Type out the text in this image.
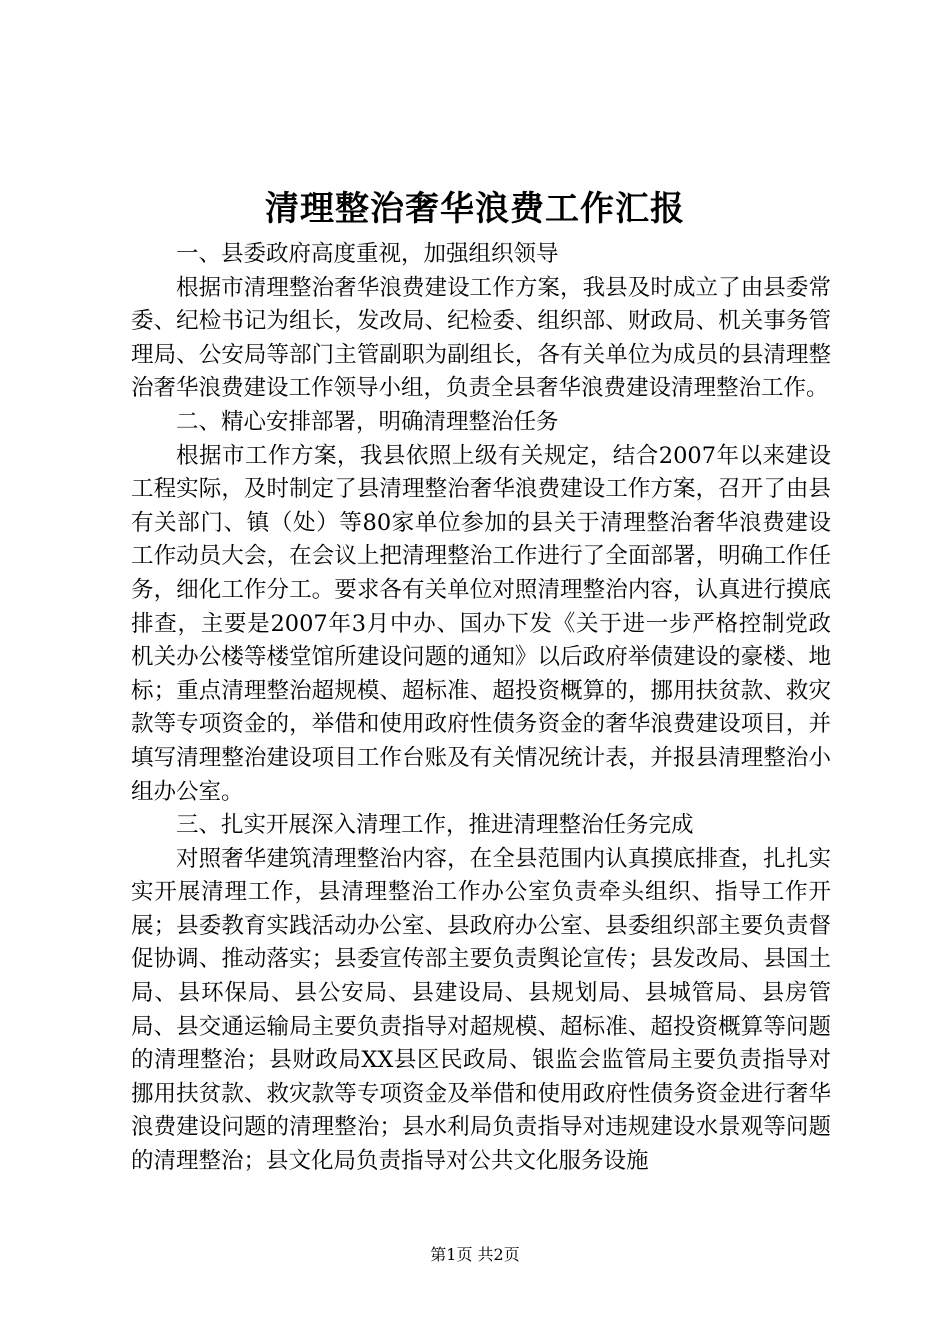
清理整治奢华浪费工作汇报

一、县委政府高度重视，加强组织领导

根据市清理整治奢华浪费建设工作方案，我县及时成立了由县委常委、纪检书记为组长，发改局、纪检委、组织部、财政局、机关事务管理局、公安局等部门主管副职为副组长，各有关单位为成员的县清理整治奢华浪费建设工作领导小组，负责全县奢华浪费建设清理整治工作。

二、精心安排部署，明确清理整治任务

根据市工作方案，我县依照上级有关规定，结合2007年以来建设工程实际，及时制定了县清理整治奢华浪费建设工作方案，召开了由县有关部门、镇（处）等80家单位参加的县关于清理整治奢华浪费建设工作动员大会，在会议上把清理整治工作进行了全面部署，明确工作任务，细化工作分工。要求各有关单位对照清理整治内容，认真进行摸底排查，主要是2007年3月中办、国办下发《关于进一步严格控制党政机关办公楼等楼堂馆所建设问题的通知》以后政府举债建设的豪楼、地标；重点清理整治超规模、超标准、超投资概算的，挪用扶贫款、救灾款等专项资金的，举借和使用政府性债务资金的奢华浪费建设项目，并填写清理整治建设项目工作台账及有关情况统计表，并报县清理整治小组办公室。

三、扎实开展深入清理工作，推进清理整治任务完成

对照奢华建筑清理整治内容，在全县范围内认真摸底排查，扎扎实实开展清理工作，县清理整治工作办公室负责牵头组织、指导工作开展；县委教育实践活动办公室、县政府办公室、县委组织部主要负责督促协调、推动落实；县委宣传部主要负责舆论宣传；县发改局、县国土局、县环保局、县公安局、县建设局、县规划局、县城管局、县房管局、县交通运输局主要负责指导对超规模、超标准、超投资概算等问题的清理整治；县财政局XX县区民政局、银监会监管局主要负责指导对挪用扶贫款、救灾款等专项资金及举借和使用政府性债务资金进行奢华浪费建设问题的清理整治；县水利局负责指导对违规建设水景观等问题的清理整治；县文化局负责指导对公共文化服务设施

第1页 共2页
